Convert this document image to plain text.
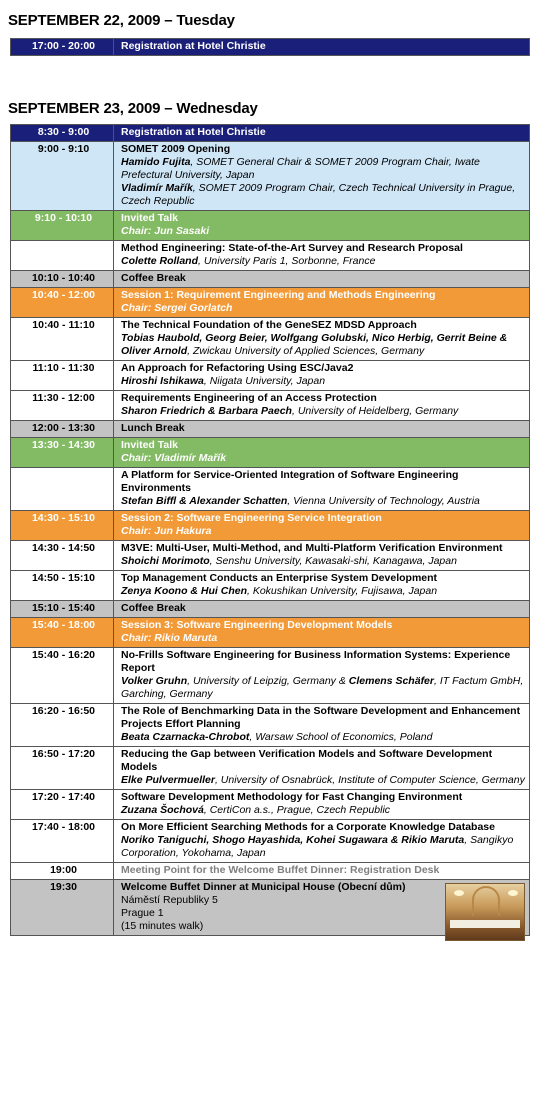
SEPTEMBER 22, 2009 – Tuesday
17:00 - 20:00	Registration at Hotel Christie
SEPTEMBER 23, 2009 – Wednesday
8:30 - 9:00	Registration at Hotel Christie

9:00 - 9:10	SOMET 2009 Opening
Hamido Fujita, SOMET General Chair & SOMET 2009 Program Chair, Iwate Prefectural University, Japan
Vladimír Mařík, SOMET 2009 Program Chair, Czech Technical University in Prague, Czech Republic

9:10 - 10:10	Invited Talk
Chair: Jun Sasaki

	Method Engineering: State-of-the-Art Survey and Research Proposal
Colette Rolland, University Paris 1, Sorbonne, France

10:10 - 10:40	Coffee Break

10:40 - 12:00	Session 1: Requirement Engineering and Methods Engineering
Chair: Sergei Gorlatch

10:40 - 11:10	The Technical Foundation of the GeneSEZ MDSD Approach
Tobias Haubold, Georg Beier, Wolfgang Golubski, Nico Herbig, Gerrit Beine & Oliver Arnold, Zwickau University of Applied Sciences, Germany

11:10 - 11:30	An Approach for Refactoring Using ESC/Java2
Hiroshi Ishikawa, Niigata University, Japan

11:30 - 12:00	Requirements Engineering of an Access Protection
Sharon Friedrich & Barbara Paech, University of Heidelberg, Germany

12:00 - 13:30	Lunch Break

13:30 - 14:30	Invited Talk
Chair: Vladimír Mařík

	A Platform for Service-Oriented Integration of Software Engineering Environments
Stefan Biffl & Alexander Schatten, Vienna University of Technology, Austria

14:30 - 15:10	Session 2: Software Engineering Service Integration
Chair: Jun Hakura

14:30 - 14:50	M3VE: Multi-User, Multi-Method, and Multi-Platform Verification Environment
Shoichi Morimoto, Senshu University, Kawasaki-shi, Kanagawa, Japan

14:50 - 15:10	Top Management Conducts an Enterprise System Development
Zenya Koono & Hui Chen, Kokushikan University, Fujisawa, Japan

15:10 - 15:40	Coffee Break

15:40 - 18:00	Session 3: Software Engineering Development Models
Chair: Rikio Maruta

15:40 - 16:20	No-Frills Software Engineering for Business Information Systems: Experience Report
Volker Gruhn, University of Leipzig, Germany & Clemens Schäfer, IT Factum GmbH, Garching, Germany

16:20 - 16:50	The Role of Benchmarking Data in the Software Development and Enhancement Projects Effort Planning
Beata Czarnacka-Chrobot, Warsaw School of Economics, Poland

16:50 - 17:20	Reducing the Gap between Verification Models and Software Development Models
Elke Pulvermueller, University of Osnabrück, Institute of Computer Science, Germany

17:20 - 17:40	Software Development Methodology for Fast Changing Environment
Zuzana Šochová, CertiCon a.s., Prague, Czech Republic

17:40 - 18:00	On More Efficient Searching Methods for a Corporate Knowledge Database
Noriko Taniguchi, Shogo Hayashida, Kohei Sugawara & Rikio Maruta, Sangikyo Corporation, Yokohama, Japan

19:00	Meeting Point for the Welcome Buffet Dinner: Registration Desk
19:30	Welcome Buffet Dinner at Municipal House (Obecní dům)
Náměstí Republiky 5
Prague 1
(15 minutes walk)
